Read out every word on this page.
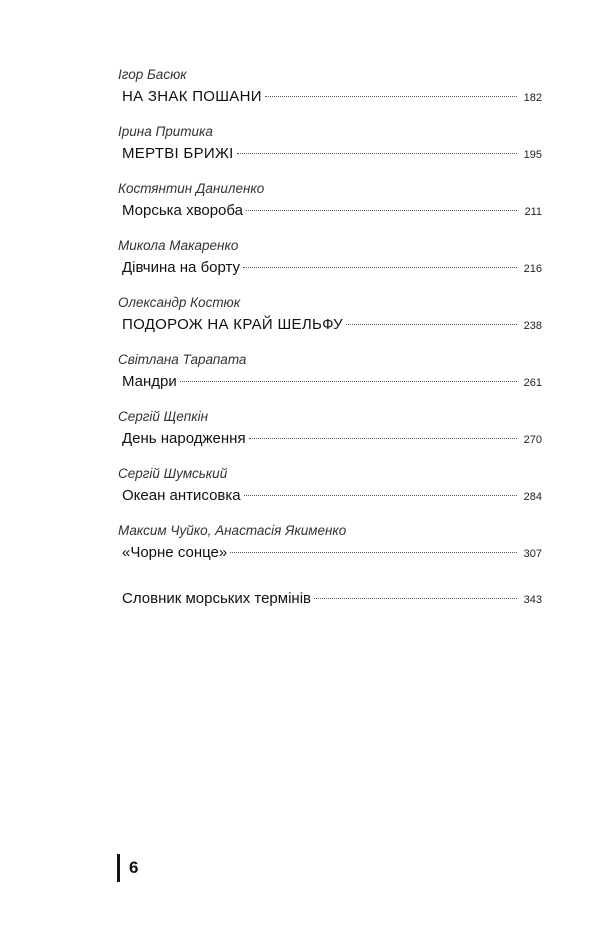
Ігор Басюк
НА ЗНАК ПОШАНИ	182
Ірина Притика
МЕРТВІ БРИЖІ	195
Костянтин Даниленко
Морська хвороба	211
Микола Макаренко
Дівчина на борту	216
Олександр Костюк
ПОДОРОЖ НА КРАЙ ШЕЛЬФУ	238
Світлана Тарапата
Мандри	261
Сергій Щепкін
День народження	270
Сергій Шумський
Океан антисовка	284
Максим Чуйко, Анастасія Якименко
«Чорне сонце»	307
Словник морських термінів	343
6
